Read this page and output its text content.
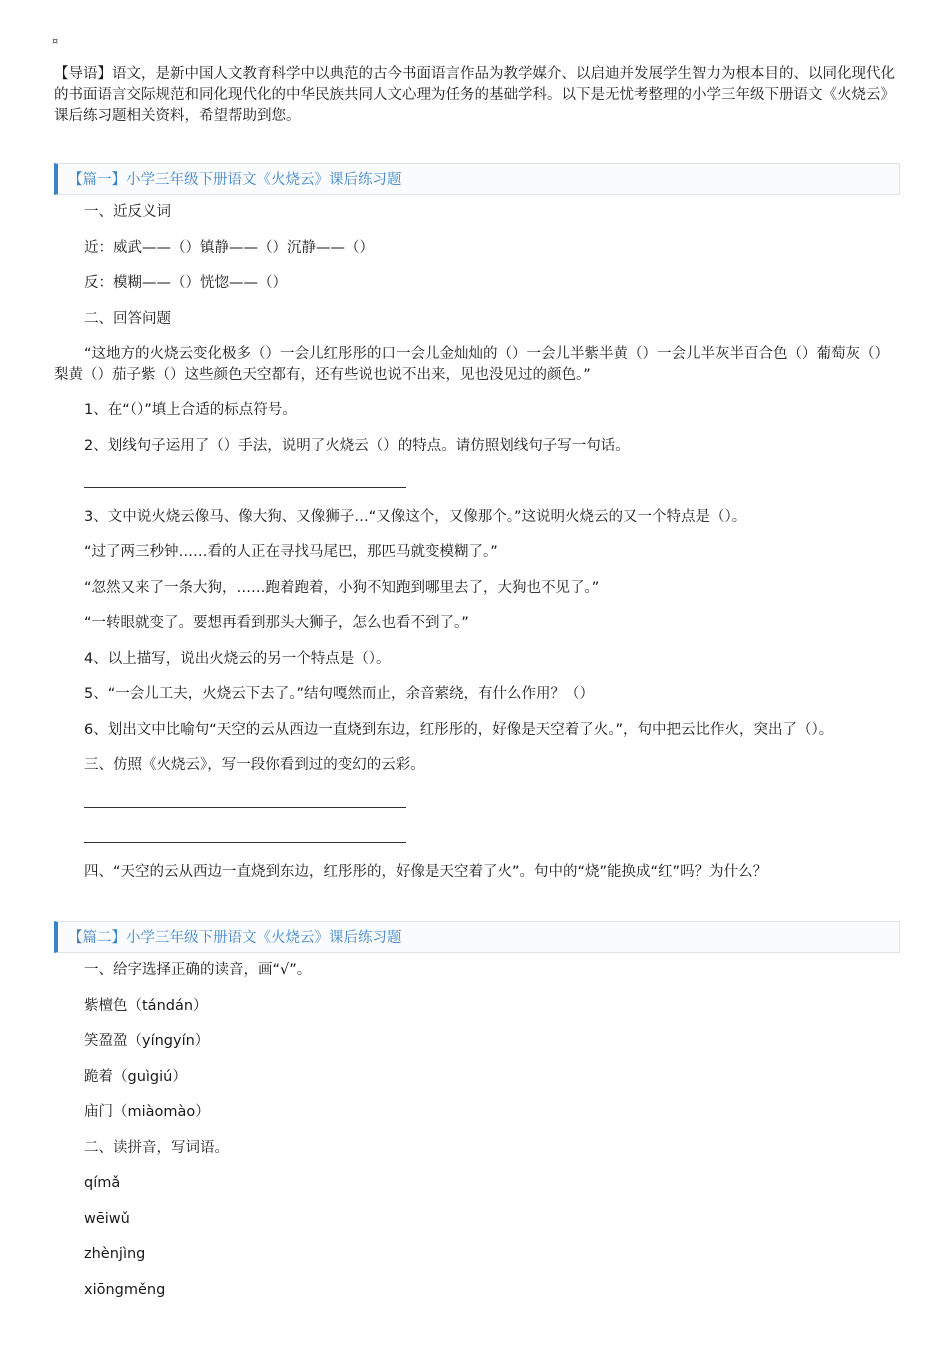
¤
【导语】语文，是新中国人文教育科学中以典范的古今书面语言作品为教学媒介、以启迪并发展学生智力为根本目的、以同化现代化的书面语言交际规范和同化现代化的中华民族共同人文心理为任务的基础学科。以下是无忧考整理的小学三年级下册语文《火烧云》课后练习题相关资料，希望帮助到您。
【篇一】小学三年级下册语文《火烧云》课后练习题
一、近反义词
近：威武——（）镇静——（）沉静——（）
反：模糊——（）恍惚——（）
二、回答问题
“这地方的火烧云变化极多（）一会儿红彤彤的口一会儿金灿灿的（）一会儿半紫半黄（）一会儿半灰半百合色（）葡萄灰（）梨黄（）茄子紫（）这些颜色天空都有，还有些说也说不出来，见也没见过的颜色。”
1、在“（）”填上合适的标点符号。
2、划线句子运用了（）手法，说明了火烧云（）的特点。请仿照划线句子写一句话。
3、文中说火烧云像马、像大狗、又像狮子…“又像这个，又像那个。”这说明火烧云的又一个特点是（）。
“过了两三秒钟……看的人正在寻找马尾巴，那匹马就变模糊了。”
“忽然又来了一条大狗，……跑着跑着，小狗不知跑到哪里去了，大狗也不见了。”
“一转眼就变了。要想再看到那头大狮子，怎么也看不到了。”
4、以上描写，说出火烧云的另一个特点是（）。
5、“一会儿工夫，火烧云下去了。”结句嘎然而止，余音萦绕，有什么作用？（）
6、划出文中比喻句“天空的云从西边一直烧到东边，红彤彤的，好像是天空着了火。”，句中把云比作火，突出了（）。
三、仿照《火烧云》，写一段你看到过的变幻的云彩。
四、“天空的云从西边一直烧到东边，红彤彤的，好像是天空着了火”。句中的“烧”能换成“红”吗？为什么？
【篇二】小学三年级下册语文《火烧云》课后练习题
一、给字选择正确的读音，画“√”。
紫檀色（tándán）
笑盈盈（yíngyín）
跪着（guìgiú）
庙门（miàomào）
二、读拼音，写词语。
qímǎ
wēiwǔ
zhènjìng
xiōngměng
